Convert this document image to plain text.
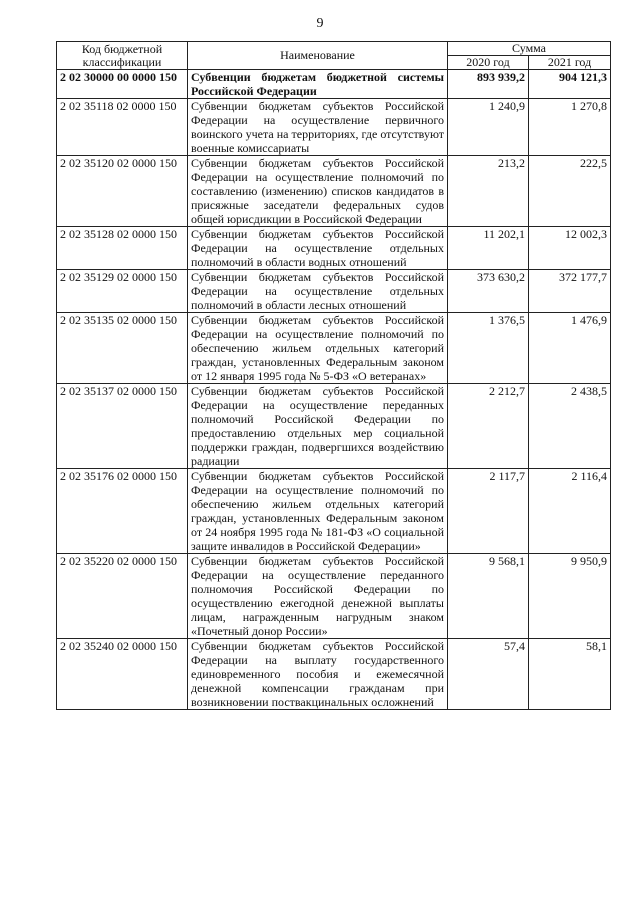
9
Код бюджетной классификации	Наименование	Сумма	
		2020 год	2021 год
2 02 30000 00 0000 150	Субвенции бюджетам бюджетной системы Российской Федерации	893 939,2	904 121,3
2 02 35118 02 0000 150	Субвенции бюджетам субъектов Российской Федерации на осуществление первичного воинского учета на территориях, где отсутствуют военные комиссариаты	1 240,9	1 270,8
2 02 35120 02 0000 150	Субвенции бюджетам субъектов Российской Федерации на осуществление полномочий по составлению (изменению) списков кандидатов в присяжные заседатели федеральных судов общей юрисдикции в Российской Федерации	213,2	222,5
2 02 35128 02 0000 150	Субвенции бюджетам субъектов Российской Федерации на осуществление отдельных полномочий в области водных отношений	11 202,1	12 002,3
2 02 35129 02 0000 150	Субвенции бюджетам субъектов Российской Федерации на осуществление отдельных полномочий в области лесных отношений	373 630,2	372 177,7
2 02 35135 02 0000 150	Субвенции бюджетам субъектов Российской Федерации на осуществление полномочий по обеспечению жильем отдельных категорий граждан, установленных Федеральным законом от 12 января 1995 года № 5-ФЗ «О ветеранах»	1 376,5	1 476,9
2 02 35137 02 0000 150	Субвенции бюджетам субъектов Российской Федерации на осуществление переданных полномочий Российской Федерации по предоставлению отдельных мер социальной поддержки граждан, подвергшихся воздействию радиации	2 212,7	2 438,5
2 02 35176 02 0000 150	Субвенции бюджетам субъектов Российской Федерации на осуществление полномочий по обеспечению жильем отдельных категорий граждан, установленных Федеральным законом от 24 ноября 1995 года № 181-ФЗ «О социальной защите инвалидов в Российской Федерации»	2 117,7	2 116,4
2 02 35220 02 0000 150	Субвенции бюджетам субъектов Российской Федерации на осуществление переданного полномочия Российской Федерации по осуществлению ежегодной денежной выплаты лицам, награжденным нагрудным знаком «Почетный донор России»	9 568,1	9 950,9
2 02 35240 02 0000 150	Субвенции бюджетам субъектов Российской Федерации на выплату государственного единовременного пособия и ежемесячной денежной компенсации гражданам при возникновении поствакцинальных осложнений	57,4	58,1
